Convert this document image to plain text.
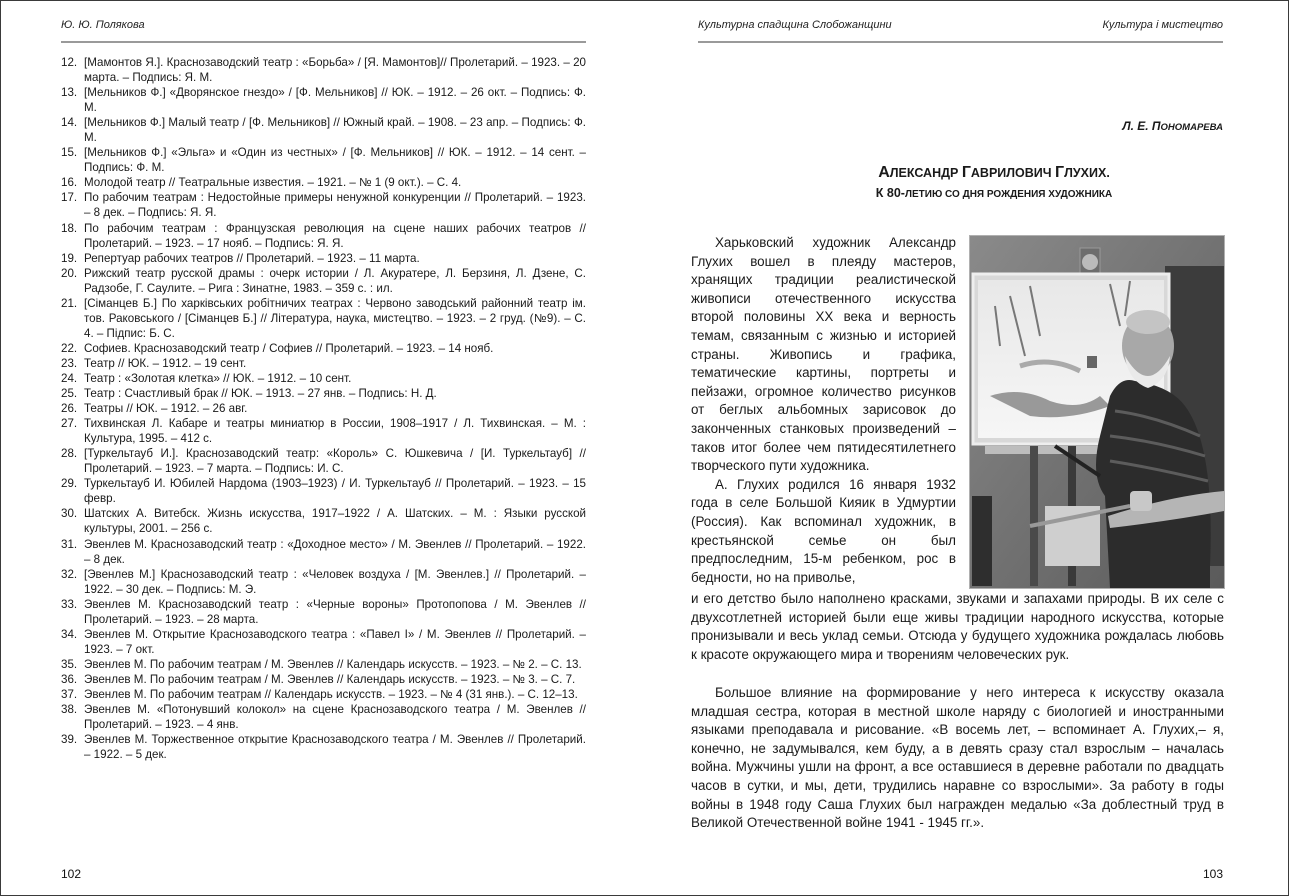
Ю. Ю. Полякова
12. [Мамонтов Я.]. Краснозаводский театр : «Борьба» / [Я. Мамонтов]// Пролетарий. – 1923. – 20 марта. – Подпись: Я. М.
13. [Мельников Ф.] «Дворянское гнездо» / [Ф. Мельников] // ЮК. – 1912. – 26 окт. – Подпись: Ф. М.
14. [Мельников Ф.] Малый театр / [Ф. Мельников] // Южный край. – 1908. – 23 апр. – Подпись: Ф. М.
15. [Мельников Ф.] «Эльга» и «Один из честных» / [Ф. Мельников] // ЮК. – 1912. – 14 сент. – Подпись: Ф. М.
16. Молодой театр // Театральные известия. – 1921. – № 1 (9 окт.). – С. 4.
17. По рабочим театрам : Недостойные примеры ненужной конкуренции // Пролетарий. – 1923. – 8 дек. – Подпись: Я. Я.
18. По рабочим театрам : Французская революция на сцене наших рабочих театров // Пролетарий. – 1923. – 17 нояб. – Подпись: Я. Я.
19. Репертуар рабочих театров // Пролетарий. – 1923. – 11 марта.
20. Рижский театр русской драмы : очерк истории / Л. Акуратере, Л. Берзиня, Л. Дзене, С. Радзобе, Г. Саулите. – Рига : Зинатне, 1983. – 359 с. : ил.
21. [Сіманцев Б.] По харківських робітничих театрах : Червоно заводський районний театр ім. тов. Раковського / [Сіманцев Б.] // Література, наука, мистецтво. – 1923. – 2 груд. (№9). – С. 4. – Підпис: Б. С.
22. Софиев. Краснозаводский театр / Софиев // Пролетарий. – 1923. – 14 нояб.
23. Театр // ЮК. – 1912. – 19 сент.
24. Театр : «Золотая клетка» // ЮК. – 1912. – 10 сент.
25. Театр : Счастливый брак // ЮК. – 1913. – 27 янв. – Подпись: Н. Д.
26. Театры // ЮК. – 1912. – 26 авг.
27. Тихвинская Л. Кабаре и театры миниатюр в России, 1908–1917 / Л. Тихвинская. – М. : Культура, 1995. – 412 с.
28. [Туркельтауб И.]. Краснозаводский театр: «Король» С. Юшкевича / [И. Туркельтауб] // Пролетарий. – 1923. – 7 марта. – Подпись: И. С.
29. Туркельтауб И. Юбилей Нардома (1903–1923) / И. Туркельтауб // Пролетарий. – 1923. – 15 февр.
30. Шатских А. Витебск. Жизнь искусства, 1917–1922 / А. Шатских. – М. : Языки русской культуры, 2001. – 256 с.
31. Эвенлев М. Краснозаводский театр : «Доходное место» / М. Эвенлев // Пролетарий. – 1922. – 8 дек.
32. [Эвенлев М.] Краснозаводский театр : «Человек воздуха / [М. Эвенлев.] // Пролетарий. – 1922. – 30 дек. – Подпись: М. Э.
33. Эвенлев М. Краснозаводский театр : «Черные вороны» Протопопова / М. Эвенлев // Пролетарий. – 1923. – 28 марта.
34. Эвенлев М. Открытие Краснозаводского театра : «Павел I» / М. Эвенлев // Пролетарий. – 1923. – 7 окт.
35. Эвенлев М. По рабочим театрам / М. Эвенлев // Календарь искусств. – 1923. – № 2. – С. 13.
36. Эвенлев М. По рабочим театрам / М. Эвенлев // Календарь искусств. – 1923. – № 3. – С. 7.
37. Эвенлев М. По рабочим театрам // Календарь искусств. – 1923. – № 4 (31 янв.). – С. 12–13.
38. Эвенлев М. «Потонувший колокол» на сцене Краснозаводского театра / М. Эвенлев // Пролетарий. – 1923. – 4 янв.
39. Эвенлев М. Торжественное открытие Краснозаводского театра / М. Эвенлев // Пролетарий. – 1922. – 5 дек.
102
Культурна спадщина Слобожанщини	Культура і мистецтво
Л. Е. ПОНОМАРЕВА
АЛЕКСАНДР ГАВРИЛОВИЧ ГЛУХИХ.
К 80-ЛЕТИЮ СО ДНЯ РОЖДЕНИЯ ХУДОЖНИКА

Харьковский художник Александр Глухих вошел в плеяду мастеров, хранящих традиции реалистической живописи отечественного искусства второй половины ХХ века и верность темам, связанным с жизнью и историей страны. Живопись и графика, тематические картины, портреты и пейзажи, огромное количество рисунков от беглых альбомных зарисовок до законченных станковых произведений – таков итог более чем пятидесятилетнего творческого пути художника.

А. Глухих родился 16 января 1932 года в селе Большой Кияик в Удмуртии (Россия). Как вспоминал художник, в крестьянской семье он был предпоследним, 15-м ребенком, рос в бедности, но на приволье,

и его детство было наполнено красками, звуками и запахами природы. В их селе с двухсотлетней историей были еще живы традиции народного искусства, которые пронизывали и весь уклад семьи. Отсюда у будущего художника рождалась любовь к красоте окружающего мира и творениям человеческих рук.

Большое влияние на формирование у него интереса к искусству оказала младшая сестра, которая в местной школе наряду с биологией и иностранными языками преподавала и рисование. «В восемь лет, – вспоминает А. Глухих,– я, конечно, не задумывался, кем буду, а в девять сразу стал взрослым – началась война. Мужчины ушли на фронт, а все оставшиеся в деревне работали по двадцать часов в сутки, и мы, дети, трудились наравне со взрослыми». За работу в годы войны в 1948 году Саша Глухих был награжден медалью «За доблестный труд в Великой Отечественной войне 1941 - 1945 гг.».

103
